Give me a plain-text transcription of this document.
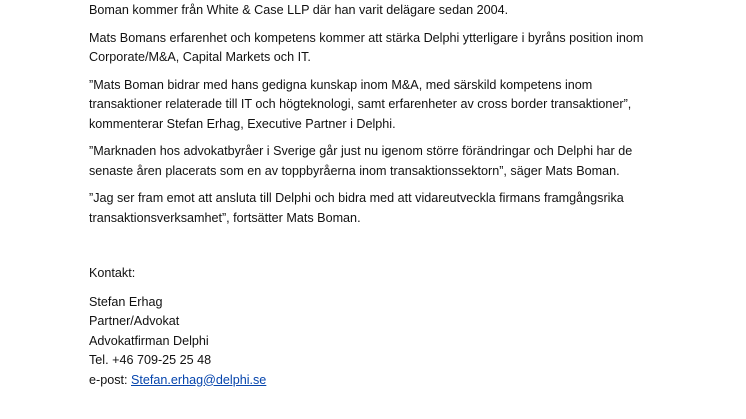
Boman kommer från White & Case LLP där han varit delägare sedan 2004.

Mats Bomans erfarenhet och kompetens kommer att stärka Delphi ytterligare i byråns position inom

Corporate/M&A, Capital Markets och IT.

”Mats Boman bidrar med hans gedigna kunskap inom M&A, med särskild kompetens inom

transaktioner relaterade till IT och högteknologi, samt erfarenheter av cross border transaktioner”,

kommenterar Stefan Erhag, Executive Partner i Delphi.

”Marknaden hos advokatbyråer i Sverige går just nu igenom större förändringar och Delphi har de

senaste åren placerats som en av toppbyråerna inom transaktionssektorn”, säger Mats Boman.

”Jag ser fram emot att ansluta till Delphi och bidra med att vidareutveckla firmans framgångsrika

transaktionsverksamhet”, fortsätter Mats Boman.

Kontakt:

Stefan Erhag

Partner/Advokat

Advokatfirman Delphi

Tel. +46 709-25 25 48

e-post: Stefan.erhag@delphi.se
